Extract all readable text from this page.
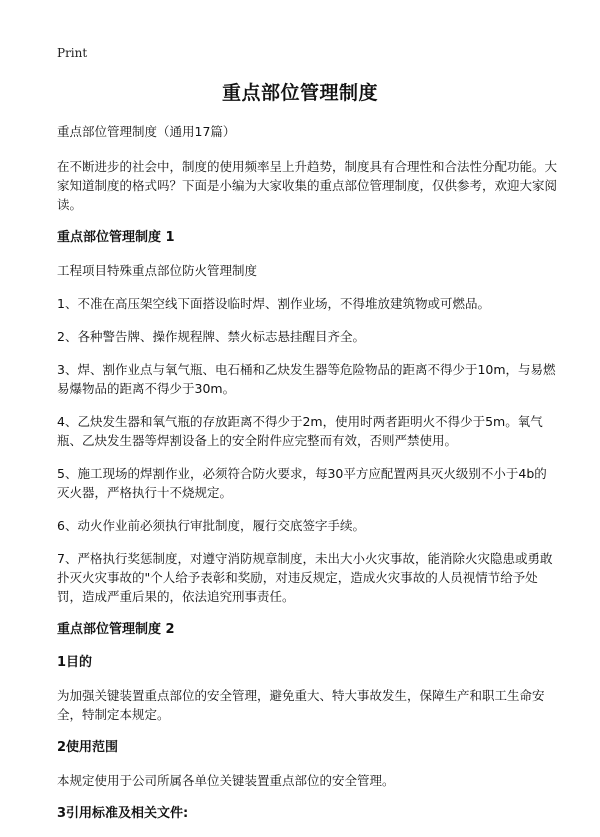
Print
重点部位管理制度

重点部位管理制度（通用17篇）

在不断进步的社会中，制度的使用频率呈上升趋势，制度具有合理性和合法性分配功能。大家知道制度的格式吗？下面是小编为大家收集的重点部位管理制度，仅供参考，欢迎大家阅读。

重点部位管理制度 1

工程项目特殊重点部位防火管理制度

1、不准在高压架空线下面搭设临时焊、割作业场，不得堆放建筑物或可燃品。

2、各种警告牌、操作规程牌、禁火标志悬挂醒目齐全。

3、焊、割作业点与氧气瓶、电石桶和乙炔发生器等危险物品的距离不得少于10m，与易燃易爆物品的距离不得少于30m。

4、乙炔发生器和氧气瓶的存放距离不得少于2m，使用时两者距明火不得少于5m。氧气瓶、乙炔发生器等焊割设备上的安全附件应完整而有效，否则严禁使用。

5、施工现场的焊割作业，必须符合防火要求，每30平方应配置两具灭火级别不小于4b的灭火器，严格执行十不烧规定。

6、动火作业前必须执行审批制度，履行交底签字手续。

7、严格执行奖惩制度，对遵守消防规章制度，未出大小火灾事故，能消除火灾隐患或勇敢扑灭火灾事故的"个人给予表彰和奖励，对违反规定，造成火灾事故的人员视情节给予处罚，造成严重后果的，依法追究刑事责任。

重点部位管理制度 2
1目的

为加强关键装置重点部位的安全管理，避免重大、特大事故发生，保障生产和职工生命安全，特制定本规定。

2使用范围

本规定使用于公司所属各单位关键装置重点部位的安全管理。

3引用标准及相关文件:
